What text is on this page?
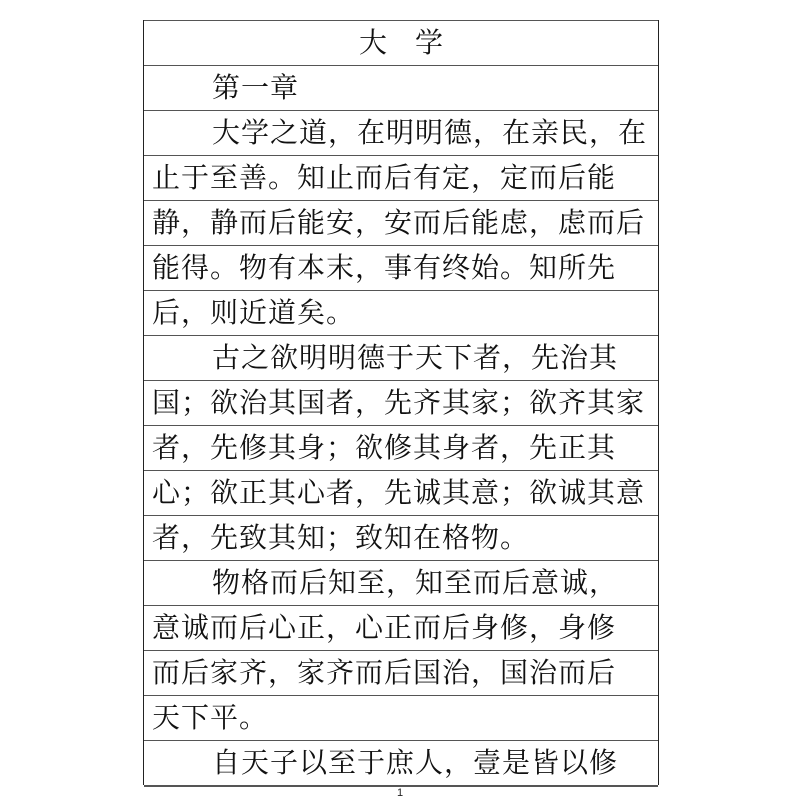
大学
第一章
大学之道，在明明德，在亲民，在
止于至善。知止而后有定，定而后能
静，静而后能安，安而后能虑，虑而后
能得。物有本末，事有终始。知所先
后，则近道矣。
古之欲明明德于天下者，先治其
国；欲治其国者，先齐其家；欲齐其家
者，先修其身；欲修其身者，先正其
心；欲正其心者，先诚其意；欲诚其意
者，先致其知；致知在格物。
物格而后知至，知至而后意诚，
意诚而后心正，心正而后身修，身修
而后家齐，家齐而后国治，国治而后
天下平。
自天子以至于庶人，壹是皆以修
1
